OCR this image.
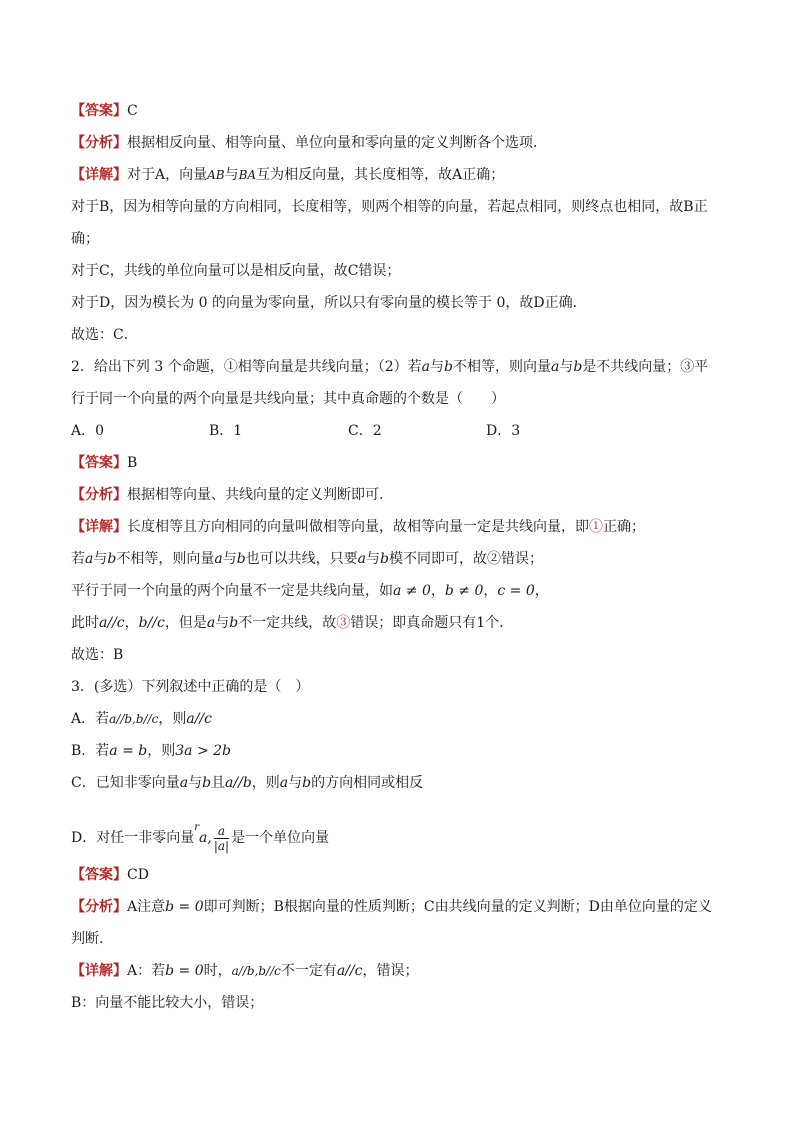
【答案】C
【分析】根据相反向量、相等向量、单位向量和零向量的定义判断各个选项．
【详解】对于A，向量AB与BA互为相反向量，其长度相等，故A正确；
对于B，因为相等向量的方向相同，长度相等，则两个相等的向量，若起点相同，则终点也相同，故B正
确；
对于C，共线的单位向量可以是相反向量，故C错误；
对于D，因为模长为 0 的向量为零向量，所以只有零向量的模长等于 0，故D正确．
故选：C．
2．给出下列 3 个命题，①相等向量是共线向量；（2）若a与b不相等，则向量a与b是不共线向量；③平
行于同一个向量的两个向量是共线向量；其中真命题的个数是（　　）
A．0	B．1	C．2	D．3
【答案】B
【分析】根据相等向量、共线向量的定义判断即可.
【详解】长度相等且方向相同的向量叫做相等向量，故相等向量一定是共线向量，即①正确；
若a与b不相等，则向量a与b也可以共线，只要a与b模不同即可，故②错误；
平行于同一个向量的两个向量不一定是共线向量，如a ≠ 0，b ≠ 0，c = 0，
此时a//c，b//c，但是a与b不一定共线，故③错误；即真命题只有1个.
故选：B
3．(多选）下列叙述中正确的是（　）
A．若a//b,b//c，则a//c
B．若a = b，则3a > 2b
C．已知非零向量a与b且a//b，则a与b的方向相同或相反
D．对任一非零向量$^r$a, $\frac{a}{|a|}$ 是一个单位向量
【答案】CD
【分析】A注意b = 0即可判断；B根据向量的性质判断；C由共线向量的定义判断；D由单位向量的定义
判断.
【详解】A：若b = 0时，a//b,b//c不一定有a//c，错误；
B：向量不能比较大小，错误；
